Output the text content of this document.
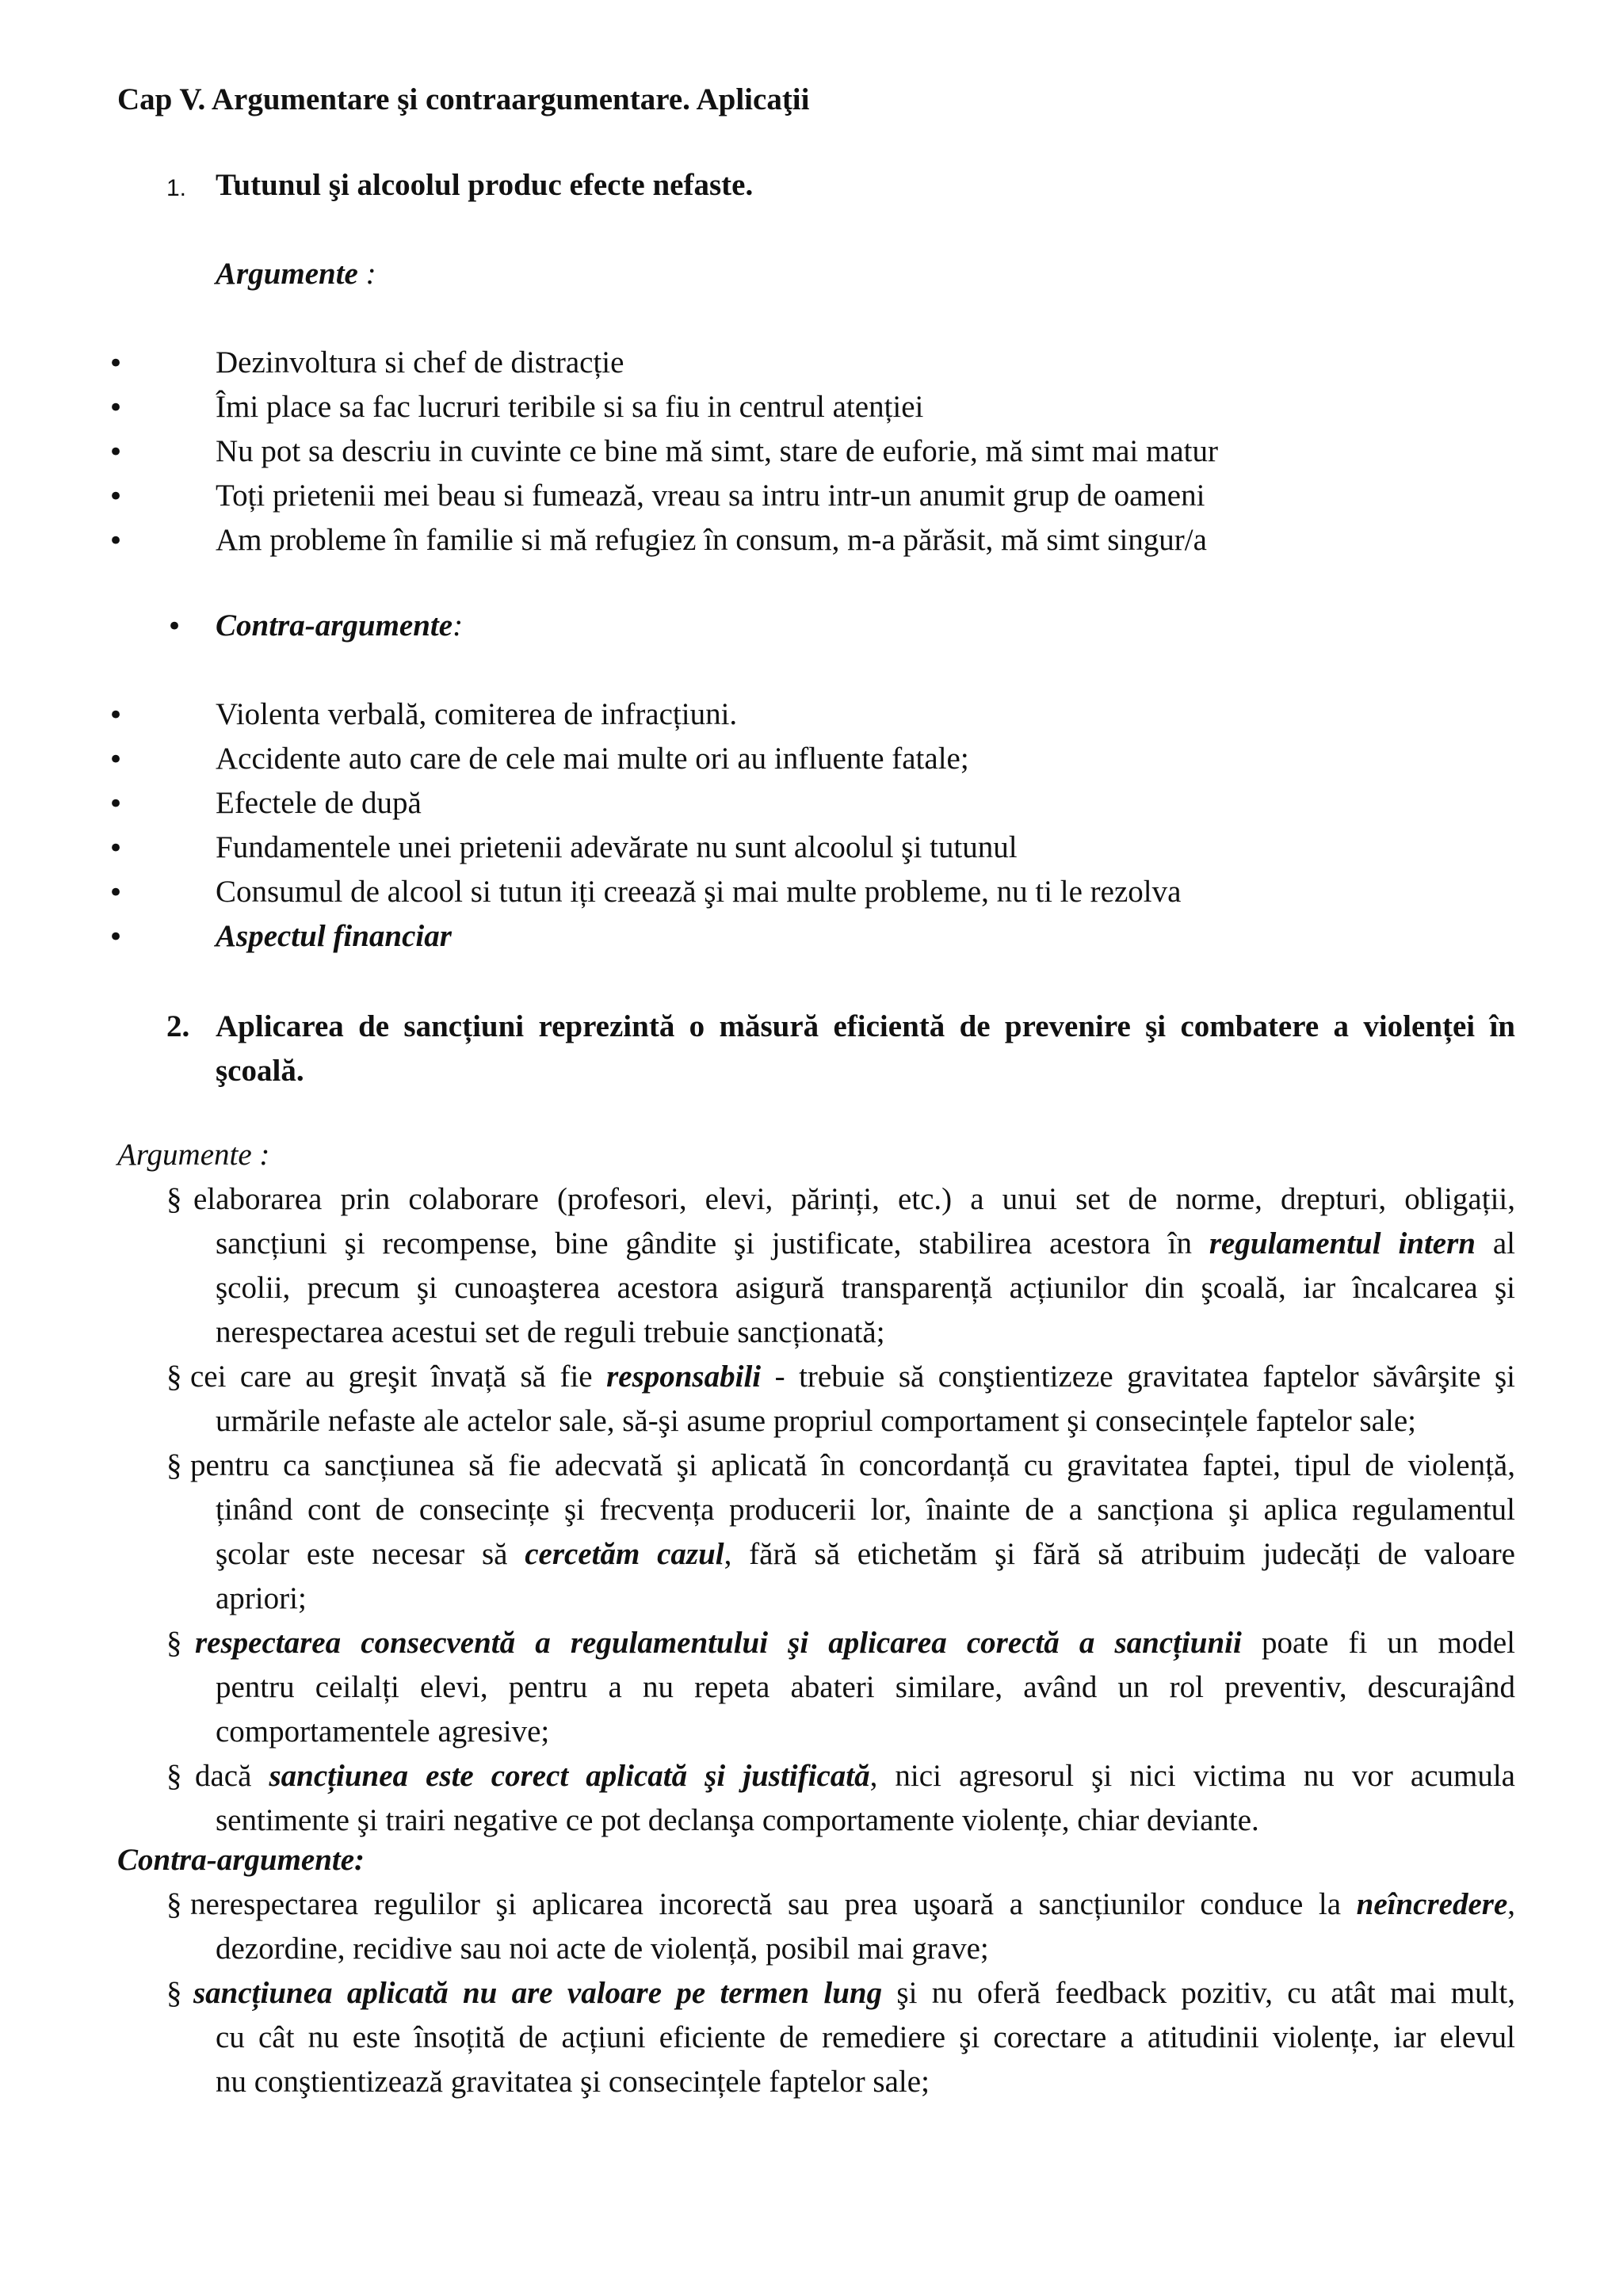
Cap V. Argumentare şi contraargumentare. Aplicaţii
1. Tutunul şi alcoolul produc efecte nefaste.
Argumente :
•	Dezinvoltura si chef de distracție
•	Îmi place sa fac lucruri teribile si sa fiu in centrul atenției
•	Nu pot sa descriu in cuvinte ce bine mă simt, stare de euforie, mă simt mai matur
•	Toți prietenii mei beau si fumează, vreau sa intru intr-un anumit grup de oameni
•	Am probleme în familie si mă refugiez în consum, m-a părăsit, mă simt singur/a
• Contra-argumente:
•	Violenta verbală, comiterea de infracțiuni.
•	Accidente auto care de cele mai multe ori au influente fatale;
•	Efectele de după
•	Fundamentele unei prietenii adevărate nu sunt alcoolul şi tutunul
•	Consumul de alcool si tutun iți creează şi mai multe probleme, nu ti le rezolva
•	Aspectul financiar
2. Aplicarea de sancțiuni reprezintă o măsură eficientă de prevenire şi combatere a violenței în
şcoală.
Argumente :
§ elaborarea prin colaborare (profesori, elevi, părinți, etc.) a unui set de norme, drepturi, obligații,
sancțiuni şi recompense, bine gândite şi justificate, stabilirea acestora în regulamentul intern al
şcolii, precum şi cunoaşterea acestora asigură transparență acțiunilor din şcoală, iar încalcarea şi
nerespectarea acestui set de reguli trebuie sancționată;
§ cei care au greşit învață să fie responsabili - trebuie să conştientizeze gravitatea faptelor săvârşite şi
urmările nefaste ale actelor sale, să-şi asume propriul comportament şi consecințele faptelor sale;
§ pentru ca sancțiunea să fie adecvată şi aplicată în concordanță cu gravitatea faptei, tipul de violență,
ținând cont de consecințe şi frecvența producerii lor, înainte de a sancționa şi aplica regulamentul
şcolar este necesar să cercetăm cazul, fără să etichetăm şi fără să atribuim judecăți de valoare
apriori;
§ respectarea consecventă a regulamentului şi aplicarea corectă a sancțiunii poate fi un model
pentru ceilalți elevi, pentru a nu repeta abateri similare, având un rol preventiv, descurajând
comportamentele agresive;
§ dacă sancțiunea este corect aplicată şi justificată, nici agresorul şi nici victima nu vor acumula
sentimente şi trairi negative ce pot declanşa comportamente violențe, chiar deviante.
Contra-argumente:
§ nerespectarea regulilor şi aplicarea incorectă sau prea uşoară a sancțiunilor conduce la neîncredere,
dezordine, recidive sau noi acte de violență, posibil mai grave;
§ sancțiunea aplicată nu are valoare pe termen lung şi nu oferă feedback pozitiv, cu atât mai mult,
cu cât nu este însoțită de acțiuni eficiente de remediere şi corectare a atitudinii violențe, iar elevul
nu conştientizează gravitatea şi consecințele faptelor sale;
